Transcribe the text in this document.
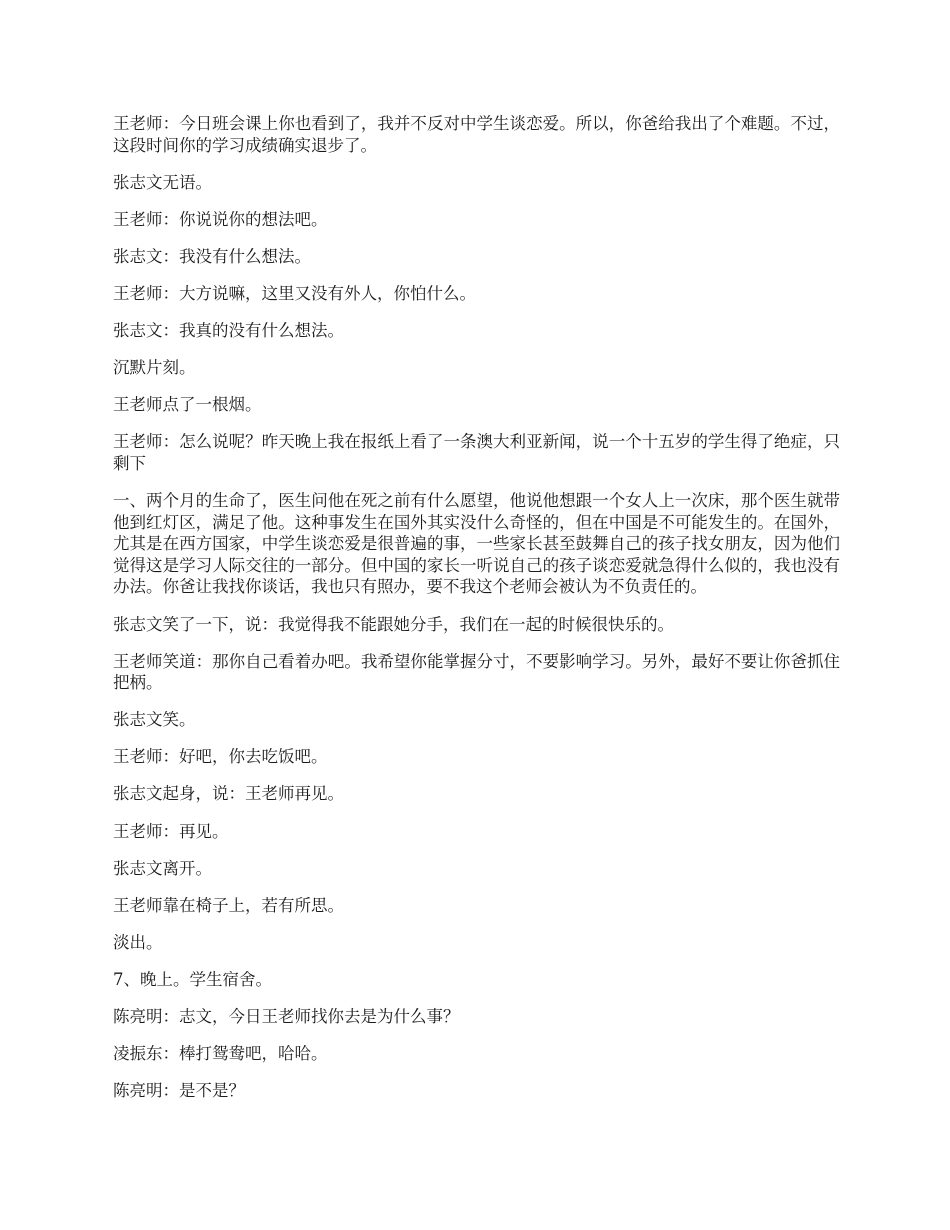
王老师：今日班会课上你也看到了，我并不反对中学生谈恋爱。所以，你爸给我出了个难题。不过，这段时间你的学习成绩确实退步了。

张志文无语。

王老师：你说说你的想法吧。

张志文：我没有什么想法。

王老师：大方说嘛，这里又没有外人，你怕什么。

张志文：我真的没有什么想法。

沉默片刻。

王老师点了一根烟。

王老师：怎么说呢？昨天晚上我在报纸上看了一条澳大利亚新闻，说一个十五岁的学生得了绝症，只剩下

一、两个月的生命了，医生问他在死之前有什么愿望，他说他想跟一个女人上一次床，那个医生就带他到红灯区，满足了他。这种事发生在国外其实没什么奇怪的，但在中国是不可能发生的。在国外，尤其是在西方国家，中学生谈恋爱是很普遍的事，一些家长甚至鼓舞自己的孩子找女朋友，因为他们觉得这是学习人际交往的一部分。但中国的家长一听说自己的孩子谈恋爱就急得什么似的，我也没有办法。你爸让我找你谈话，我也只有照办，要不我这个老师会被认为不负责任的。

张志文笑了一下，说：我觉得我不能跟她分手，我们在一起的时候很快乐的。

王老师笑道：那你自己看着办吧。我希望你能掌握分寸，不要影响学习。另外，最好不要让你爸抓住把柄。

张志文笑。

王老师：好吧，你去吃饭吧。

张志文起身，说：王老师再见。

王老师：再见。

张志文离开。

王老师靠在椅子上，若有所思。

淡出。

7、晚上。学生宿舍。

陈亮明：志文，今日王老师找你去是为什么事？

凌振东：棒打鸳鸯吧，哈哈。

陈亮明：是不是？
